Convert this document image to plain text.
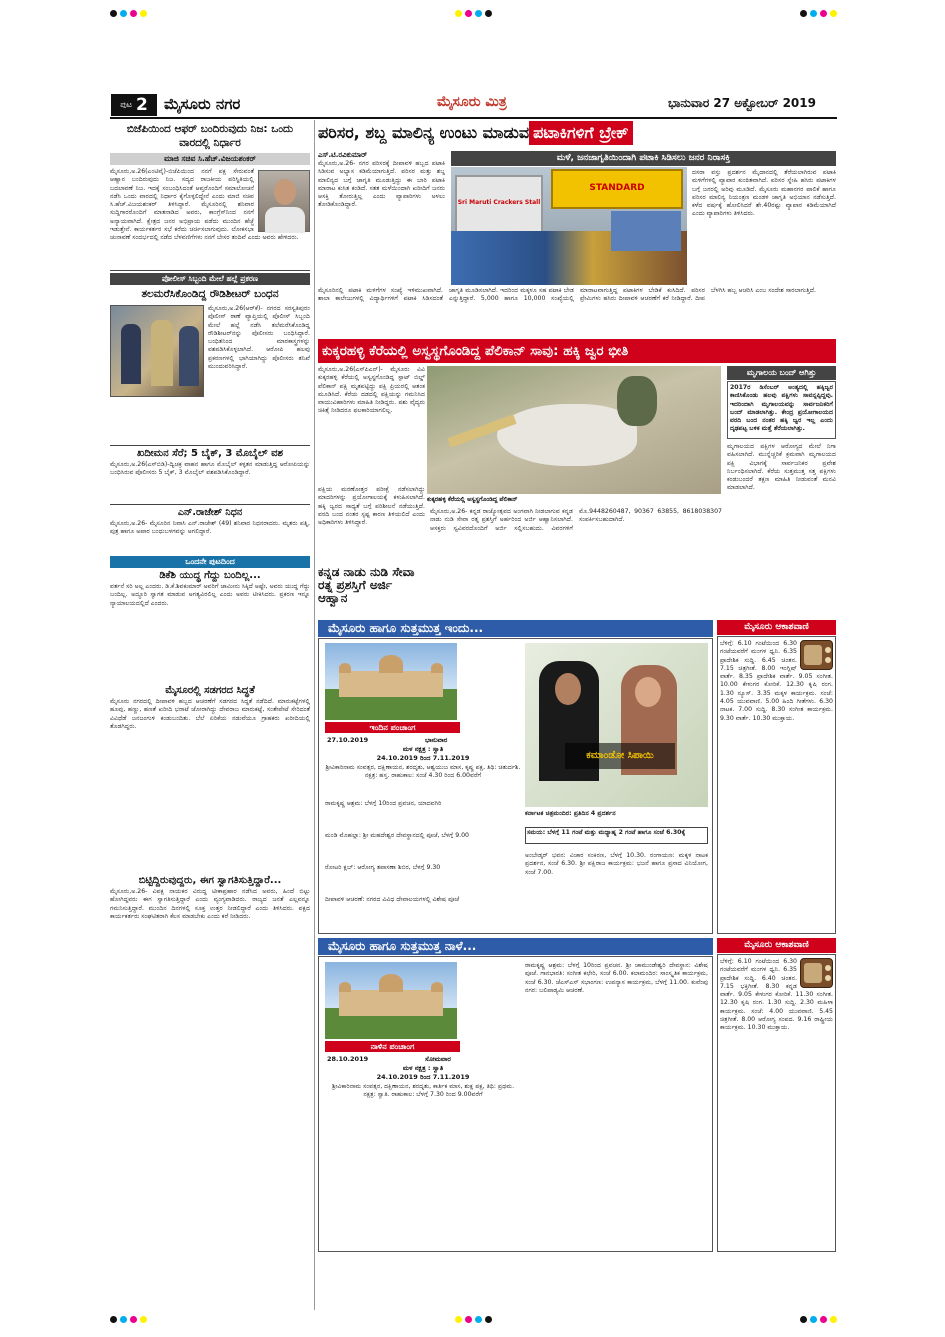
ಪುಟ 2 ಮೈಸೂರು ನಗರ	ಮೈಸೂರು ಮಿತ್ರ	ಭಾನುವಾರ 27 ಅಕ್ಟೋಬರ್ 2019
ಬಿಜೆಪಿಯಿಂದ ಆಫರ್ ಬಂದಿರುವುದು ನಿಜ: ಒಂದು ವಾರದಲ್ಲಿ ನಿರ್ಧಾರ
ಮಾಜಿ ಸಚಿವ ಸಿ.ಹೆಚ್.ವಿಜಯಶಂಕರ್
ಮೈಸೂರು,ಅ.26(ಎಂಟಿವೈ)-ಬಿಜೆಪಿಯಿಂದ ನನಗೆ ಪಕ್ಷ ಸೇರುವಂತೆ ಆಹ್ವಾನ ಬಂದಿರುವುದು ನಿಜ. ಸದ್ಯದ ರಾಜಕೀಯ ಪರಿಸ್ಥಿತಿಯಲ್ಲಿ ಬದಲಾವಣೆ ನಿಜ. ಇದಕ್ಕೆ ಸಂಬಂಧಿಸಿದಂತೆ ಆಪ್ತರೊಂದಿಗೆ ಸಮಾಲೋಚನೆ ನಡೆಸಿ ಒಂದು ವಾರದಲ್ಲಿ ನಿರ್ಧಾರ ಕೈಗೊಳ್ಳಲಿದ್ದೇನೆ ಎಂದು ಮಾಜಿ ಸಚಿವ ಸಿ.ಹೆಚ್.ವಿಜಯಶಂಕರ್ ತಿಳಿಸಿದ್ದಾರೆ. ಮೈಸೂರಿನಲ್ಲಿ ಶನಿವಾರ ಸುದ್ದಿಗಾರರೊಂದಿಗೆ ಮಾತನಾಡಿದ ಅವರು, ಕಾಂಗ್ರೆಸ್‌ನಿಂದ ನನಗೆ ಅನ್ಯಾಯವಾಗಿದೆ. ಕ್ಷೇತ್ರದ ಜನರ ಅಭಿಪ್ರಾಯ ಪಡೆದು ಮುಂದಿನ ಹೆಜ್ಜೆ ಇಡುತ್ತೇನೆ. ಕಾರ್ಯಕರ್ತರ ಸಭೆ ಕರೆದು ಚರ್ಚಿಸಲಾಗುವುದು. ಲೋಕಸಭಾ ಚುನಾವಣೆ ಸಂದರ್ಭದಲ್ಲಿ ನಡೆದ ಬೆಳವಣಿಗೆಗಳು ನನಗೆ ಬೇಸರ ತಂದಿವೆ ಎಂದು ಅವರು ಹೇಳಿದರು.
ಪೋಲೀಸ್ ಸಿಬ್ಬಂದಿ ಮೇಲೆ ಹಲ್ಲೆ ಪ್ರಕರಣ
ತಲಮರೆಸಿಕೊಂಡಿದ್ದ ರೌಡಿಶೀಟರ್ ಬಂಧನ
ಮೈಸೂರು,ಅ.26(ಆರ್‌ಕೆ)- ನಗರದ ಸರಸ್ವತಿಪುರಂ ಪೊಲೀಸ್ ಠಾಣೆ ವ್ಯಾಪ್ತಿಯಲ್ಲಿ ಪೊಲೀಸ್ ಸಿಬ್ಬಂದಿ ಮೇಲೆ ಹಲ್ಲೆ ನಡೆಸಿ ತಲೆಮರೆಸಿಕೊಂಡಿದ್ದ ರೌಡಿಶೀಟರ್‌ನನ್ನು ಪೊಲೀಸರು ಬಂಧಿಸಿದ್ದಾರೆ. ಬಂಧಿತನಿಂದ ಮಾರಕಾಸ್ತ್ರಗಳನ್ನು ವಶಪಡಿಸಿಕೊಳ್ಳಲಾಗಿದೆ. ಆರೋಪಿ ಹಲವು ಪ್ರಕರಣಗಳಲ್ಲಿ ಭಾಗಿಯಾಗಿದ್ದು ಪೊಲೀಸರು ತನಿಖೆ ಮುಂದುವರಿಸಿದ್ದಾರೆ.
ಖದೀಮನ ಸೆರೆ; 5 ಬೈಕ್, 3 ಮೊಬೈಲ್ ವಶ
ಮೈಸೂರು,ಅ.26(ಎಸ್‌ಬಿಡಿ)-ದ್ವಿಚಕ್ರ ವಾಹನ ಹಾಗೂ ಮೊಬೈಲ್ ಕಳ್ಳತನ ಮಾಡುತ್ತಿದ್ದ ಆರೋಪಿಯನ್ನು ಬಂಧಿಸಿರುವ ಪೊಲೀಸರು 5 ಬೈಕ್, 3 ಮೊಬೈಲ್ ವಶಪಡಿಸಿಕೊಂಡಿದ್ದಾರೆ.
ಎನ್.ರಾಜೇಶ್ ನಿಧನ
ಮೈಸೂರು,ಅ.26- ಮೈಸೂರಿನ ನಿವಾಸಿ ಎನ್.ರಾಜೇಶ್ (49) ಶನಿವಾರ ನಿಧನರಾದರು. ಮೃತರು ಪತ್ನಿ, ಪುತ್ರ ಹಾಗೂ ಅಪಾರ ಬಂಧುಬಳಗವನ್ನು ಅಗಲಿದ್ದಾರೆ.
ಒಂದನೇ ಪುಟದಿಂದ
ಡಿಕೆಶಿ ಯುದ್ಧ ಗೆದ್ದು ಬಂದಿಲ್ಲ...
ವರ್ತನೆ ಸರಿ ಅಲ್ಲ ಎಂದರು. ಡಿ.ಕೆ.ಶಿವಕುಮಾರ್ ಅವರಿಗೆ ಜಾಮೀನು ಸಿಕ್ಕಿದೆ ಅಷ್ಟೇ, ಅವರು ಯುದ್ಧ ಗೆದ್ದು ಬಂದಿಲ್ಲ. ಅದ್ಧೂರಿ ಸ್ವಾಗತ ಮಾಡುವ ಅಗತ್ಯವಿರಲಿಲ್ಲ ಎಂದು ಅವರು ಟೀಕಿಸಿದರು. ಪ್ರಕರಣ ಇನ್ನೂ ನ್ಯಾಯಾಲಯದಲ್ಲಿದೆ ಎಂದರು.
ಮೈಸೂರಲ್ಲಿ ಸಡಗರದ ಸಿದ್ಧತೆ
ಮೈಸೂರು ನಗರದಲ್ಲಿ ದೀಪಾವಳಿ ಹಬ್ಬದ ಆಚರಣೆಗೆ ಸಡಗರದ ಸಿದ್ಧತೆ ನಡೆದಿದೆ. ಮಾರುಕಟ್ಟೆಗಳಲ್ಲಿ ಹೂವು, ಹಣ್ಣು, ಹಣತೆ ಖರೀದಿ ಭರಾಟೆ ಜೋರಾಗಿದ್ದು ದೇವರಾಜ ಮಾರುಕಟ್ಟೆ, ಸಂತೇಪೇಟೆ ಸೇರಿದಂತೆ ವಿವಿಧೆಡೆ ಜನಜಂಗುಳಿ ಕಂಡುಬಂದಿತು. ಬೆಲೆ ಏರಿಕೆಯ ನಡುವೆಯೂ ಗ್ರಾಹಕರು ಖರೀದಿಯಲ್ಲಿ ತೊಡಗಿದ್ದರು.
ಬಿಟ್ಟಿದ್ದಿರುವುದ್ದರು, ಈಗ ಸ್ವಾಗತಿಸುತ್ತಿದ್ದಾರೆ...
ಮೈಸೂರು,ಅ.26- ವಿಪಕ್ಷ ನಾಯಕರ ವಿರುದ್ಧ ಟೀಕಾಪ್ರಹಾರ ನಡೆಸಿದ ಅವರು, ಹಿಂದೆ ಬಿಟ್ಟು ಹೋಗಿದ್ದವರು ಈಗ ಸ್ವಾಗತಿಸುತ್ತಿದ್ದಾರೆ ಎಂದು ವ್ಯಂಗ್ಯವಾಡಿದರು. ರಾಜ್ಯದ ಜನತೆ ಎಲ್ಲವನ್ನೂ ಗಮನಿಸುತ್ತಿದ್ದಾರೆ. ಮುಂದಿನ ದಿನಗಳಲ್ಲಿ ಸೂಕ್ತ ಉತ್ತರ ನೀಡಲಿದ್ದಾರೆ ಎಂದು ತಿಳಿಸಿದರು. ಪಕ್ಷದ ಕಾರ್ಯಕರ್ತರು ಸಂಘಟಿತರಾಗಿ ಕೆಲಸ ಮಾಡಬೇಕು ಎಂದು ಕರೆ ನೀಡಿದರು.
ಪರಿಸರ, ಶಬ್ದ ಮಾಲಿನ್ಯ ಉಂಟು ಮಾಡುವ ಪಟಾಕಿಗಳಿಗೆ ಬ್ರೇಕ್
ಎಸ್.ಟಿ.ರವಿಕುಮಾರ್
ಮೈಸೂರು,ಅ.26- ನಗರ ಪರಿಸರಕ್ಕೆ ದೀಪಾವಳಿ ಹಬ್ಬದ ಪಟಾಕಿ ಸಿಡಿಸುವ ಅಭ್ಯಾಸ ಕಡಿಮೆಯಾಗುತ್ತಿದೆ. ಪರಿಸರ ಮತ್ತು ಶಬ್ದ ಮಾಲಿನ್ಯದ ಬಗ್ಗೆ ಜಾಗೃತಿ ಮೂಡುತ್ತಿದ್ದು ಈ ಬಾರಿ ಪಟಾಕಿ ಮಾರಾಟ ಕುಸಿತ ಕಂಡಿದೆ. ಸತತ ಮಳೆಯಿಂದಾಗಿ ಖರೀದಿಗೆ ಜನರು ಆಸಕ್ತಿ ತೋರುತ್ತಿಲ್ಲ ಎಂದು ವ್ಯಾಪಾರಿಗಳು ಅಳಲು ತೋಡಿಕೊಂಡಿದ್ದಾರೆ.
ಮಳೆ, ಜನಜಾಗೃತಿಯಿಂದಾಗಿ ಪಟಾಕಿ ಸಿಡಿಸಲು ಜನರ ನಿರಾಸಕ್ತಿ
Sri Maruti Crackers Stall
STANDARD
ದಸರಾ ವಸ್ತು ಪ್ರದರ್ಶನ ಮೈದಾನದಲ್ಲಿ ತೆರೆಯಲಾಗಿರುವ ಪಟಾಕಿ ಮಳಿಗೆಗಳಲ್ಲಿ ವ್ಯಾಪಾರ ಕುಂಠಿತವಾಗಿದೆ. ಪರಿಸರ ಸ್ನೇಹಿ ಹಸಿರು ಪಟಾಕಿಗಳ ಬಗ್ಗೆ ಜನರಲ್ಲಿ ಅರಿವು ಮೂಡಿದೆ. ಮೈಸೂರು ಮಹಾನಗರ ಪಾಲಿಕೆ ಹಾಗೂ ಪರಿಸರ ಮಾಲಿನ್ಯ ನಿಯಂತ್ರಣ ಮಂಡಳಿ ಜಾಗೃತಿ ಅಭಿಯಾನ ನಡೆಸುತ್ತಿದೆ. ಕಳೆದ ವರ್ಷಕ್ಕೆ ಹೋಲಿಸಿದರೆ ಶೇ.40ರಷ್ಟು ವ್ಯಾಪಾರ ಕಡಿಮೆಯಾಗಿದೆ ಎಂದು ವ್ಯಾಪಾರಿಗಳು ತಿಳಿಸಿದರು.
ಮೈಸೂರಿನಲ್ಲಿ ಪಟಾಕಿ ಮಳಿಗೆಗಳ ಸಂಖ್ಯೆ ಇಳಿಮುಖವಾಗಿದೆ. ಶಾಲಾ ಕಾಲೇಜುಗಳಲ್ಲಿ ವಿದ್ಯಾರ್ಥಿಗಳಿಗೆ ಪಟಾಕಿ ಸಿಡಿಸದಂತೆ ಜಾಗೃತಿ ಮೂಡಿಸಲಾಗಿದೆ. ಇದರಿಂದ ಮಕ್ಕಳೂ ಸಹ ಪಟಾಕಿ ಬೇಡ ಎನ್ನುತ್ತಿದ್ದಾರೆ. 5,000 ಹಾಗೂ 10,000 ಸಂಖ್ಯೆಯಲ್ಲಿ ಮಾರಾಟವಾಗುತ್ತಿದ್ದ ಪಟಾಕಿಗಳ ಬೇಡಿಕೆ ಕುಸಿದಿದೆ. ಪರಿಸರ ಪ್ರೇಮಿಗಳು ಹಸಿರು ದೀಪಾವಳಿ ಆಚರಣೆಗೆ ಕರೆ ನೀಡಿದ್ದಾರೆ. ದೀಪ ಬೆಳಗಿಸಿ ಹಬ್ಬ ಆಚರಿಸಿ ಎಂಬ ಸಂದೇಶ ಸಾರಲಾಗುತ್ತಿದೆ.
ಕುಕ್ಕರಹಳ್ಳಿ ಕೆರೆಯಲ್ಲಿ ಅಸ್ವಸ್ಥಗೊಂಡಿದ್ದ ಪೆಲಿಕಾನ್ ಸಾವು: ಹಕ್ಕಿ ಜ್ವರ ಭೀತಿ
ಮೈಸೂರು,ಅ.26(ಎಸ್‌ಪಿಎನ್)- ಮೈಸೂರು ವಿವಿ ಕುಕ್ಕರಹಳ್ಳಿ ಕೆರೆಯಲ್ಲಿ ಅಸ್ವಸ್ಥಗೊಂಡಿದ್ದ ಸ್ಪಾಟ್ ಬಿಲ್ಡ್ ಪೆಲಿಕಾನ್ ಪಕ್ಷಿ ಮೃತಪಟ್ಟಿದ್ದು ಪಕ್ಷಿ ಪ್ರಿಯರಲ್ಲಿ ಆತಂಕ ಮೂಡಿಸಿದೆ. ಕೆರೆಯ ದಡದಲ್ಲಿ ಪಕ್ಷಿಯನ್ನು ಗಮನಿಸಿದ ವಾಯುವಿಹಾರಿಗಳು ಮಾಹಿತಿ ನೀಡಿದ್ದರು. ಪಶು ವೈದ್ಯರು ಚಿಕಿತ್ಸೆ ನೀಡಿದರೂ ಫಲಕಾರಿಯಾಗಲಿಲ್ಲ.
ಕುಕ್ಕರಹಳ್ಳಿ ಕೆರೆಯಲ್ಲಿ ಅಸ್ವಸ್ಥಗೊಂಡಿದ್ದ ಪೆಲಿಕಾನ್
ಪಕ್ಷಿಯ ಮರಣೋತ್ತರ ಪರೀಕ್ಷೆ ನಡೆಸಲಾಗಿದ್ದು ಮಾದರಿಗಳನ್ನು ಪ್ರಯೋಗಾಲಯಕ್ಕೆ ಕಳುಹಿಸಲಾಗಿದೆ. ಹಕ್ಕಿ ಜ್ವರದ ಸಾಧ್ಯತೆ ಬಗ್ಗೆ ಪರಿಶೀಲನೆ ನಡೆಯುತ್ತಿದೆ. ವರದಿ ಬಂದ ನಂತರ ಸ್ಪಷ್ಟ ಕಾರಣ ತಿಳಿಯಲಿದೆ ಎಂದು ಅಧಿಕಾರಿಗಳು ತಿಳಿಸಿದ್ದಾರೆ.
ಮೃಗಾಲಯ ಬಂದ್ ಆಗಿತ್ತು
2017ರ ಡಿಸೆಂಬರ್ ಅಂತ್ಯದಲ್ಲಿ ಹಕ್ಕಿಜ್ವರ ಕಾಣಿಸಿಕೊಂಡು ಹಲವು ಪಕ್ಷಿಗಳು ಸಾವನ್ನಪ್ಪಿದ್ದವು. ಇದರಿಂದಾಗಿ ಮೃಗಾಲಯವನ್ನು ಸಾರ್ವಜನಿಕರಿಗೆ ಬಂದ್ ಮಾಡಲಾಗಿತ್ತು. ಕೇಂದ್ರ ಪ್ರಯೋಗಾಲಯದ ವರದಿ ಬಂದ ನಂತರ ಹಕ್ಕಿ ಜ್ವರ ಇಲ್ಲ ಎಂದು ದೃಢಪಟ್ಟ ಬಳಿಕ ಮತ್ತೆ ತೆರೆಯಲಾಗಿತ್ತು.
ಮೃಗಾಲಯದ ಪಕ್ಷಿಗಳ ಆರೋಗ್ಯದ ಮೇಲೆ ನಿಗಾ ವಹಿಸಲಾಗಿದೆ. ಮುನ್ನೆಚ್ಚರಿಕೆ ಕ್ರಮವಾಗಿ ಮೃಗಾಲಯದ ಪಕ್ಷಿ ವಿಭಾಗಕ್ಕೆ ಸಾರ್ವಜನಿಕರ ಪ್ರವೇಶ ನಿರ್ಬಂಧಿಸಲಾಗಿದೆ. ಕೆರೆಯ ಸುತ್ತಮುತ್ತ ಸತ್ತ ಪಕ್ಷಿಗಳು ಕಂಡುಬಂದರೆ ತಕ್ಷಣ ಮಾಹಿತಿ ನೀಡುವಂತೆ ಮನವಿ ಮಾಡಲಾಗಿದೆ.
ಕನ್ನಡ ನಾಡು ನುಡಿ ಸೇವಾ ರತ್ನ ಪ್ರಶಸ್ತಿಗೆ ಅರ್ಜಿ ಆಹ್ವಾನ
ಮೈಸೂರು,ಅ.26- ಕನ್ನಡ ರಾಜ್ಯೋತ್ಸವದ ಅಂಗವಾಗಿ ನೀಡಲಾಗುವ ಕನ್ನಡ ನಾಡು ನುಡಿ ಸೇವಾ ರತ್ನ ಪ್ರಶಸ್ತಿಗೆ ಅರ್ಹರಿಂದ ಅರ್ಜಿ ಆಹ್ವಾನಿಸಲಾಗಿದೆ. ಆಸಕ್ತರು ಸ್ವವಿವರದೊಂದಿಗೆ ಅರ್ಜಿ ಸಲ್ಲಿಸಬಹುದು. ವಿವರಗಳಿಗೆ ಮೊ.9448260487, 90367 63855, 8618038307 ಸಂಪರ್ಕಿಸಬಹುದಾಗಿದೆ.
ಮೈಸೂರು ಹಾಗೂ ಸುತ್ತಮುತ್ತ ಇಂದು...
ಇಂದಿನ ಪಂಚಾಂಗ
27.10.2019	ಭಾನುವಾರ
ಮಳ ನಕ್ಷತ್ರ : ಸ್ವಾತಿ
24.10.2019 ರಿಂದ 7.11.2019
ಶ್ರೀವಿಕಾರಿನಾಮ ಸಂವತ್ಸರ, ದಕ್ಷಿಣಾಯನ, ಶರದೃತು, ಆಶ್ವಯುಜ ಮಾಸ, ಕೃಷ್ಣ ಪಕ್ಷ, ತಿಥಿ: ಚತುರ್ದಶಿ. ನಕ್ಷತ್ರ: ಹಸ್ತ. ರಾಹುಕಾಲ: ಸಂಜೆ 4.30 ರಿಂದ 6.00ವರೆಗೆ
ರಾಮಕೃಷ್ಣ ಆಶ್ರಮ: ಬೆಳಗ್ಗೆ 10ರಿಂದ ಪ್ರವಚನ, ಯಾದವಗಿರಿ
ಮಂಡಿ ಮೊಹಲ್ಲಾ: ಶ್ರೀ ಮಹದೇಶ್ವರ ದೇವಸ್ಥಾನದಲ್ಲಿ ಪೂಜೆ, ಬೆಳಗ್ಗೆ 9.00
ರೋಟರಿ ಕ್ಲಬ್: ಆರೋಗ್ಯ ತಪಾಸಣಾ ಶಿಬಿರ, ಬೆಳಗ್ಗೆ 9.30
ದೀಪಾವಳಿ ಆಚರಣೆ: ನಗರದ ವಿವಿಧ ದೇವಾಲಯಗಳಲ್ಲಿ ವಿಶೇಷ ಪೂಜೆ
ಕಮಾಂಡೋ ಸಿಪಾಯಿ
ಕರ್ನಾಟಕ ಚಿತ್ರಮಂದಿರ: ಪ್ರತಿದಿನ 4 ಪ್ರದರ್ಶನ
ಸಮಯ: ಬೆಳಗ್ಗೆ 11 ಗಂಟೆ ಮತ್ತು ಮಧ್ಯಾಹ್ನ 2 ಗಂಟೆ ಹಾಗೂ ಸಂಜೆ 6.30ಕ್ಕೆ
ಅಂಬೇಡ್ಕರ್ ಭವನ: ವಿಚಾರ ಸಂಕಿರಣ, ಬೆಳಗ್ಗೆ 10.30. ರಂಗಾಯಣ: ಮಕ್ಕಳ ನಾಟಕ ಪ್ರದರ್ಶನ, ಸಂಜೆ 6.30. ಶ್ರೀ ಪಕ್ಷಿರಾಜ ಕಾರ್ಯಕ್ರಮ: ಭಜನೆ ಹಾಗೂ ಪ್ರಸಾದ ವಿನಿಯೋಗ, ಸಂಜೆ 7.00.
ಮೈಸೂರು ಆಕಾಶವಾಣಿ
ಬೆಳಿಗ್ಗೆ: 6.10 ಗಂಟೆಯಿಂದ 6.30 ಗಂಟೆಯವರೆಗೆ ಮಂಗಳ ಧ್ವನಿ. 6.35 ಪ್ರಾದೇಶಿಕ ಸುದ್ದಿ. 6.45 ಚಿಂತನ. 7.15 ಚಿತ್ರಗೀತೆ. 8.00 ಇಂಗ್ಲಿಷ್ ವಾರ್ತೆ. 8.35 ಪ್ರಾದೇಶಿಕ ವಾರ್ತೆ. 9.05 ಸಂಗೀತ. 10.00 ಕೇಳುಗರ ಕೋರಿಕೆ. 12.30 ಕೃಷಿ ರಂಗ. 1.30 ನ್ಯೂಸ್. 3.35 ಮಕ್ಕಳ ಕಾರ್ಯಕ್ರಮ. ಸಂಜೆ: 4.05 ಯುವವಾಣಿ. 5.00 ಹಿಂದಿ ಗೀತೆಗಳು. 6.30 ನಾಟಕ. 7.00 ಸುದ್ದಿ. 8.30 ಸಂಗೀತ ಕಾರ್ಯಕ್ರಮ. 9.30 ವಾರ್ತೆ. 10.30 ಮುಕ್ತಾಯ.
ಮೈಸೂರು ಹಾಗೂ ಸುತ್ತಮುತ್ತ ನಾಳೆ...
ನಾಳಿನ ಪಂಚಾಂಗ
28.10.2019	ಸೋಮವಾರ
ಮಳ ನಕ್ಷತ್ರ : ಸ್ವಾತಿ
24.10.2019 ರಿಂದ 7.11.2019
ಶ್ರೀವಿಕಾರಿನಾಮ ಸಂವತ್ಸರ, ದಕ್ಷಿಣಾಯನ, ಶರದೃತು, ಕಾರ್ತಿಕ ಮಾಸ, ಶುಕ್ಲ ಪಕ್ಷ, ತಿಥಿ: ಪ್ರಥಮ. ನಕ್ಷತ್ರ: ಸ್ವಾತಿ. ರಾಹುಕಾಲ: ಬೆಳಗ್ಗೆ 7.30 ರಿಂದ 9.00ವರೆಗೆ
ರಾಮಕೃಷ್ಣ ಆಶ್ರಮ: ಬೆಳಗ್ಗೆ 10ರಿಂದ ಪ್ರವಚನ. ಶ್ರೀ ಚಾಮುಂಡೇಶ್ವರಿ ದೇವಸ್ಥಾನ: ವಿಶೇಷ ಪೂಜೆ. ಗಾನಭಾರತಿ: ಸಂಗೀತ ಕಛೇರಿ, ಸಂಜೆ 6.00. ಕಲಾಮಂದಿರ: ಸಾಂಸ್ಕೃತಿಕ ಕಾರ್ಯಕ್ರಮ, ಸಂಜೆ 6.30. ಜೆಎಸ್‌ಎಸ್ ಸಭಾಂಗಣ: ಉಪನ್ಯಾಸ ಕಾರ್ಯಕ್ರಮ, ಬೆಳಗ್ಗೆ 11.00. ಕುವೆಂಪು ನಗರ: ಬಲಿಪಾಡ್ಯಮಿ ಆಚರಣೆ.
ಮೈಸೂರು ಆಕಾಶವಾಣಿ
ಬೆಳಿಗ್ಗೆ: 6.10 ಗಂಟೆಯಿಂದ 6.30 ಗಂಟೆಯವರೆಗೆ ಮಂಗಳ ಧ್ವನಿ. 6.35 ಪ್ರಾದೇಶಿಕ ಸುದ್ದಿ. 6.40 ಚಿಂತನ. 7.15 ಭಕ್ತಿಗೀತೆ. 8.30 ಕನ್ನಡ ವಾರ್ತೆ. 9.05 ಕೇಳುಗರ ಕೋರಿಕೆ. 11.30 ಸಂಗೀತ. 12.30 ಕೃಷಿ ರಂಗ. 1.30 ಸುದ್ದಿ. 2.30 ಮಹಿಳಾ ಕಾರ್ಯಕ್ರಮ. ಸಂಜೆ: 4.00 ಯುವವಾಣಿ. 5.45 ಚಿತ್ರಗೀತೆ. 8.00 ಆರೋಗ್ಯ ಸಂಪದ. 9.16 ರಾಷ್ಟ್ರೀಯ ಕಾರ್ಯಕ್ರಮ. 10.30 ಮುಕ್ತಾಯ.
